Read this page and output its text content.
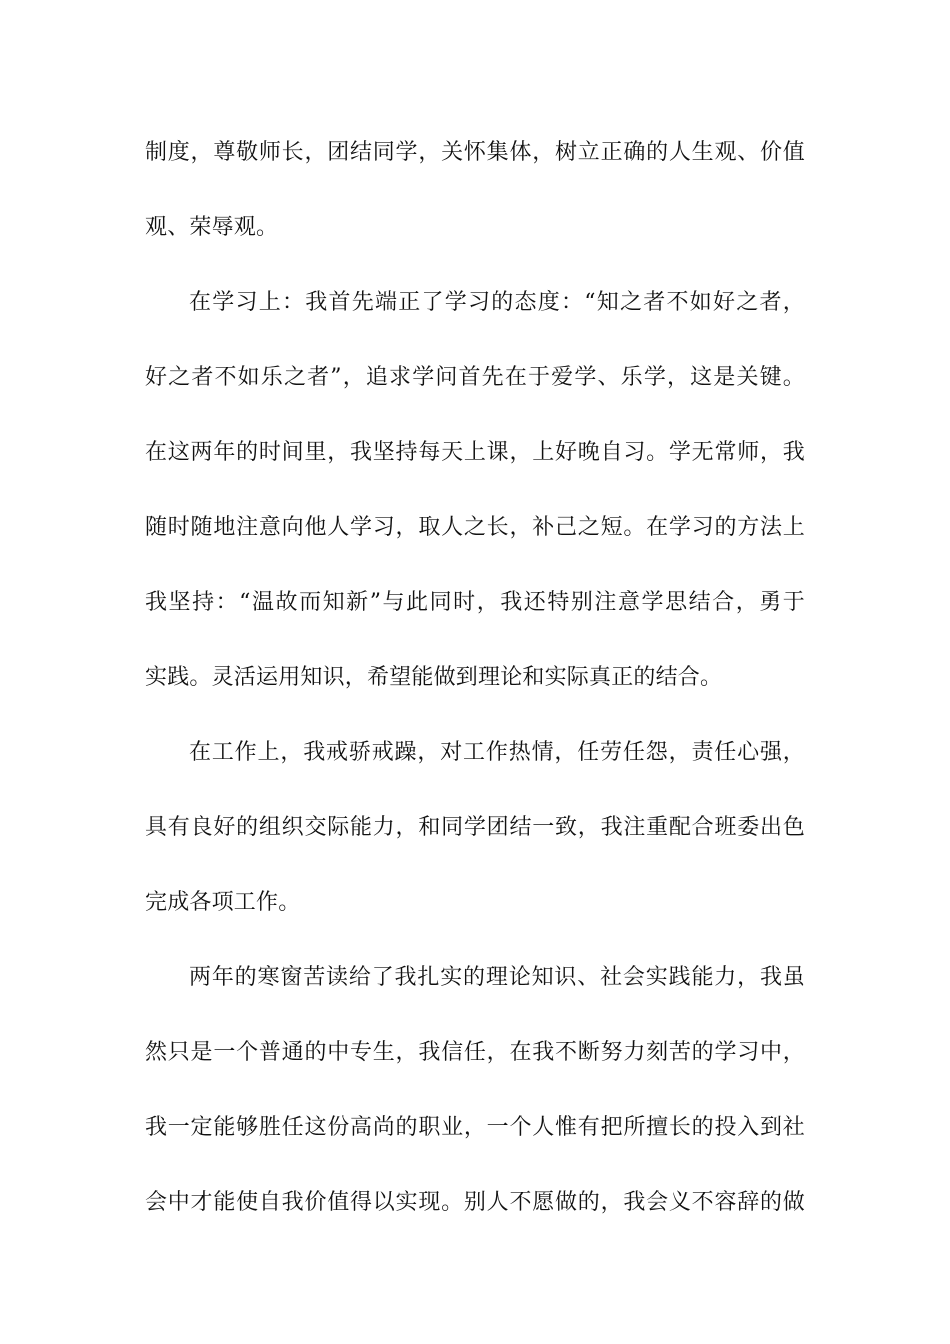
制度，尊敬师长，团结同学，关怀集体，树立正确的人生观、价值
观、荣辱观。
在学习上：我首先端正了学习的态度：“知之者不如好之者，
好之者不如乐之者”，追求学问首先在于爱学、乐学，这是关键。
在这两年的时间里，我坚持每天上课，上好晚自习。学无常师，我
随时随地注意向他人学习，取人之长，补己之短。在学习的方法上
我坚持：“温故而知新”与此同时，我还特别注意学思结合，勇于
实践。灵活运用知识，希望能做到理论和实际真正的结合。
在工作上，我戒骄戒躁，对工作热情，任劳任怨，责任心强，
具有良好的组织交际能力，和同学团结一致，我注重配合班委出色
完成各项工作。
两年的寒窗苦读给了我扎实的理论知识、社会实践能力，我虽
然只是一个普通的中专生，我信任，在我不断努力刻苦的学习中，
我一定能够胜任这份高尚的职业，一个人惟有把所擅长的投入到社
会中才能使自我价值得以实现。别人不愿做的，我会义不容辞的做
